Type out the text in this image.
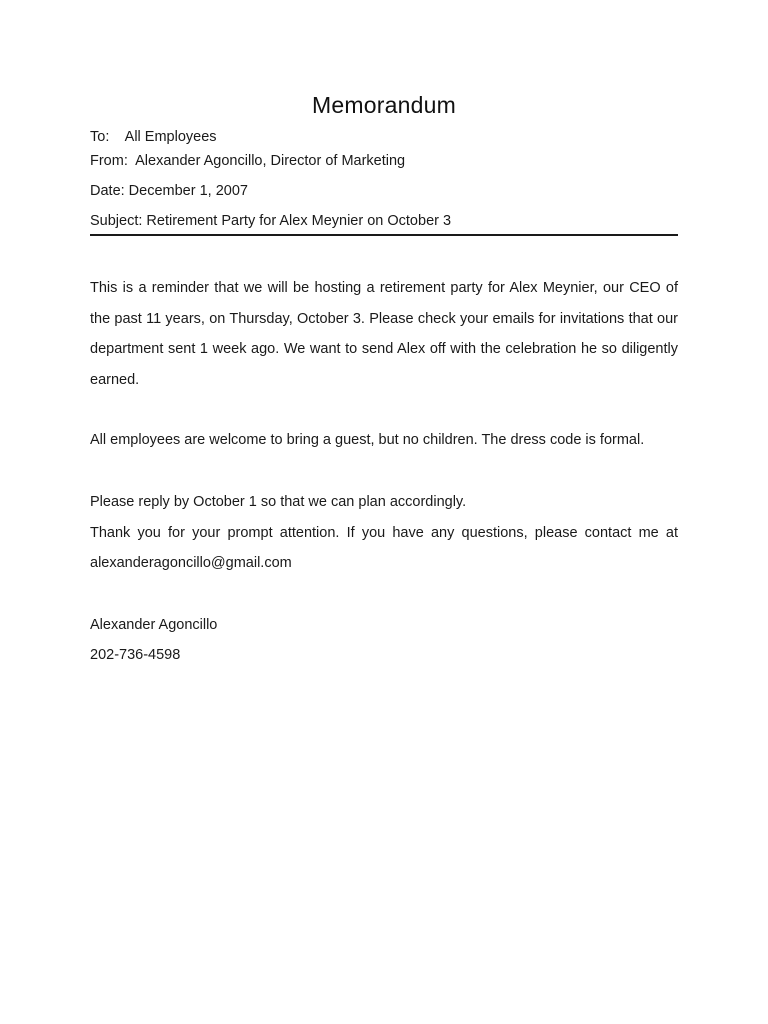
Memorandum
To:    All Employees
From:  Alexander Agoncillo, Director of Marketing
Date: December 1, 2007
Subject: Retirement Party for Alex Meynier on October 3

This is a reminder that we will be hosting a retirement party for Alex Meynier, our CEO of the past 11 years, on Thursday, October 3. Please check your emails for invitations that our department sent 1 week ago. We want to send Alex off with the celebration he so diligently earned.

All employees are welcome to bring a guest, but no children. The dress code is formal.

Please reply by October 1 so that we can plan accordingly.

Thank you for your prompt attention. If you have any questions, please contact me at alexanderagoncillo@gmail.com

Alexander Agoncillo
202-736-4598
